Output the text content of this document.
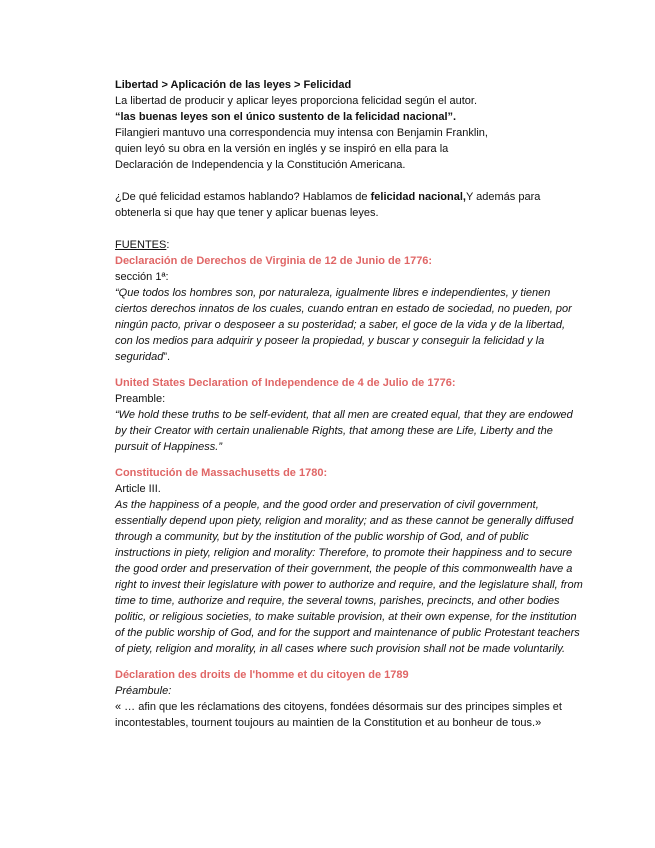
Libertad > Aplicación de las leyes > Felicidad
La libertad de producir y aplicar leyes proporciona felicidad según el autor.
“las buenas leyes son el único sustento de la felicidad nacional”.
Filangieri mantuvo una correspondencia muy intensa con Benjamin Franklin,
quien leyó su obra en la versión en inglés y se inspiró en ella para la
Declaración de Independencia y la Constitución Americana.
¿De qué felicidad estamos hablando? Hablamos de felicidad nacional,Y además para
obtenerla si que hay que tener y aplicar buenas leyes.
FUENTES:
Declaración de Derechos de Virginia de 12 de Junio de 1776:
sección 1ª:

“Que todos los hombres son, por naturaleza, igualmente libres e independientes, y tienen ciertos derechos innatos de los cuales, cuando entran en estado de sociedad, no pueden, por ningún pacto, privar o desposeer a su posteridad; a saber, el goce de la vida y de la libertad, con los medios para adquirir y poseer la propiedad, y buscar y conseguir la felicidad y la seguridad”.

United States Declaration of Independence de 4 de Julio de 1776:
Preamble:

“We hold these truths to be self-evident, that all men are created equal, that they are endowed by their Creator with certain unalienable Rights, that among these are Life, Liberty and the pursuit of Happiness.”

Constitución de Massachusetts de 1780:
Article III.

As the happiness of a people, and the good order and preservation of civil government, essentially depend upon piety, religion and morality; and as these cannot be generally diffused through a community, but by the institution of the public worship of God, and of public instructions in piety, religion and morality: Therefore, to promote their happiness and to secure the good order and preservation of their government, the people of this commonwealth have a right to invest their legislature with power to authorize and require, and the legislature shall, from time to time, authorize and require, the several towns, parishes, precincts, and other bodies politic, or religious societies, to make suitable provision, at their own expense, for the institution of the public worship of God, and for the support and maintenance of public Protestant teachers of piety, religion and morality, in all cases where such provision shall not be made voluntarily.

Déclaration des droits de l'homme et du citoyen de 1789
Préambule:

« … afin que les réclamations des citoyens, fondées désormais sur des principes simples et incontestables, tournent toujours au maintien de la Constitution et au bonheur de tous.»
